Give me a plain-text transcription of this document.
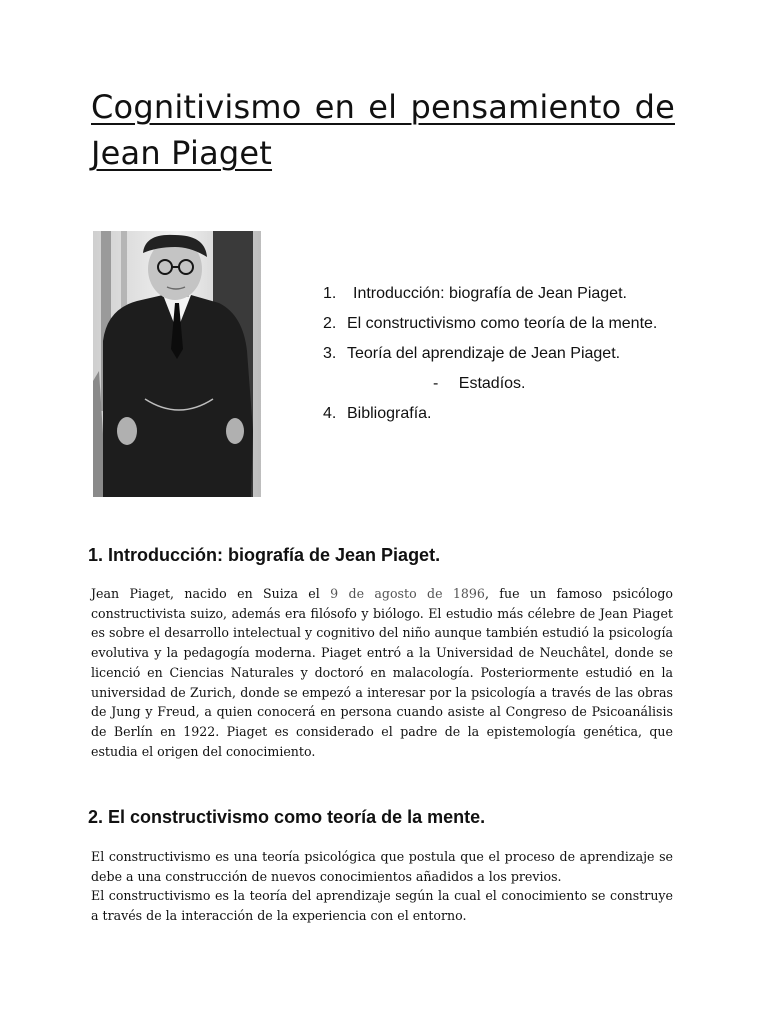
Cognitivismo en el pensamiento de Jean Piaget
1. Introducción: biografía de Jean Piaget.
2. El constructivismo como teoría de la mente.
3. Teoría del aprendizaje de Jean Piaget.
- Estadíos.
4. Bibliografía.
1. Introducción: biografía de Jean Piaget.

Jean Piaget, nacido en Suiza el 9 de agosto de 1896, fue un famoso psicólogo constructivista suizo, además era filósofo y biólogo. El estudio más célebre de Jean Piaget es sobre el desarrollo intelectual y cognitivo del niño aunque también estudió la psicología evolutiva y la pedagogía moderna. Piaget entró a la Universidad de Neuchâtel, donde se licenció en Ciencias Naturales y doctoró en malacología. Posteriormente estudió en la universidad de Zurich, donde se empezó a interesar por la psicología a través de las obras de Jung y Freud, a quien conocerá en persona cuando asiste al Congreso de Psicoanálisis de Berlín en 1922. Piaget es considerado el padre de la epistemología genética, que estudia el origen del conocimiento.

2. El constructivismo como teoría de la mente.

El constructivismo es una teoría psicológica que postula que el proceso de aprendizaje se debe a una construcción de nuevos conocimientos añadidos a los previos.

El constructivismo es la teoría del aprendizaje según la cual el conocimiento se construye a través de la interacción de la experiencia con el entorno.
